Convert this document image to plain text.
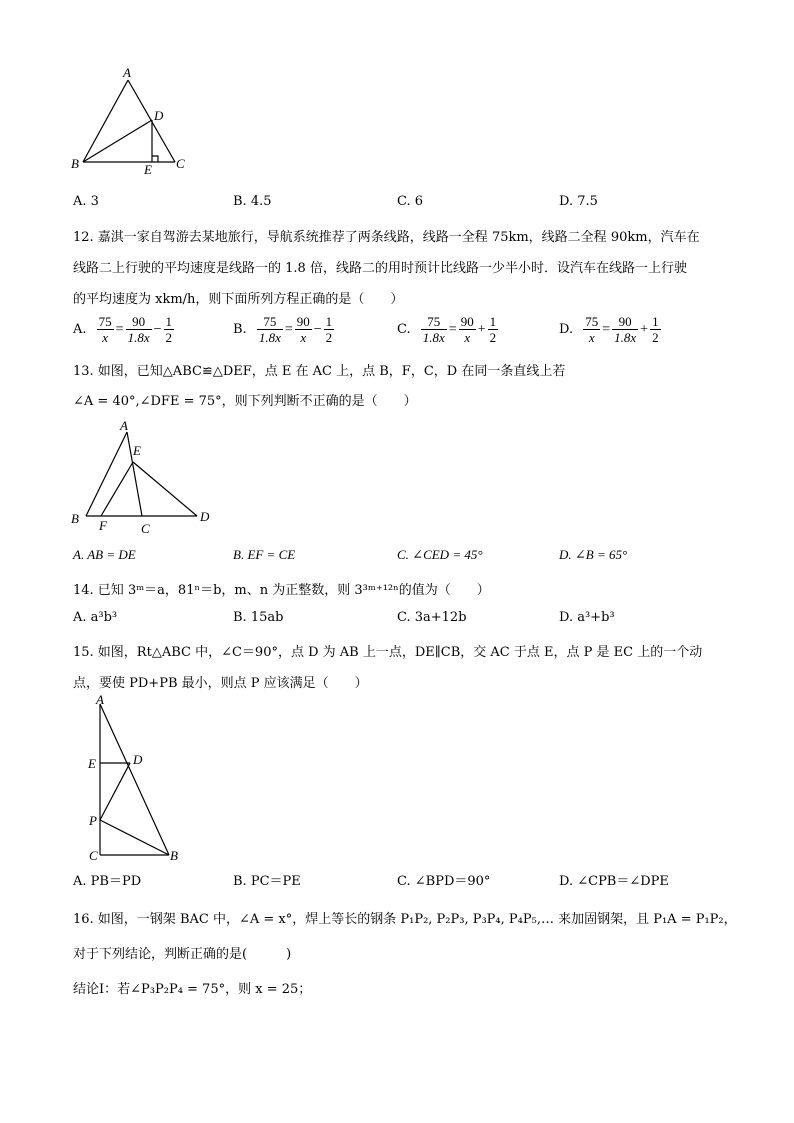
A
D
B	E C
A. 3	B. 4.5	C. 6	D. 7.5
12. 嘉淇一家自驾游去某地旅行，导航系统推荐了两条线路，线路一全程 75km，线路二全程 90km，汽车在
线路二上行驶的平均速度是线路一的 1.8 倍，线路二的用时预计比线路一少半小时．设汽车在线路一上行驶
的平均速度为 xkm/h，则下面所列方程正确的是（　　）
A. $\frac{75}{x} = \frac{90}{1.8x} - \frac{1}{2}$	B. $\frac{75}{1.8x} = \frac{90}{x} - \frac{1}{2}$	C. $\frac{75}{1.8x} = \frac{90}{x} + \frac{1}{2}$	D. $\frac{75}{x} = \frac{90}{1.8x} + \frac{1}{2}$
13. 如图，已知△ABC≌△DEF，点 E 在 AC 上，点 B，F，C，D 在同一条直线上若
∠A = 40°,∠DFE = 75°，则下列判断不正确的是（　　）
A
E
B F	C
D
A. AB = DE	B. EF = CE	C. ∠CED = 45°	D. ∠B = 65°
14. 已知 3ᵐ＝a，81ⁿ＝b，m、n 为正整数，则 3³ᵐ⁺¹²ⁿ的值为（　　）
A. a³b³	B. 15ab	C. 3a+12b	D. a³+b³
15. 如图，Rt△ABC 中，∠C＝90°，点 D 为 AB 上一点，DE∥CB，交 AC 于点 E，点 P 是 EC 上的一个动
点，要使 PD+PB 最小，则点 P 应该满足（　　）
A
E	D
P
C	B
A. PB＝PD	B. PC＝PE	C. ∠BPD＝90°	D. ∠CPB＝∠DPE
16. 如图，一钢架 BAC 中，∠A = x°，焊上等长的钢条 P₁P₂, P₂P₃, P₃P₄, P₄P₅,… 来加固钢架，且 P₁A = P₁P₂，
对于下列结论，判断正确的是(　　　)
结论Ⅰ：若∠P₃P₂P₄ = 75°，则 x = 25；
